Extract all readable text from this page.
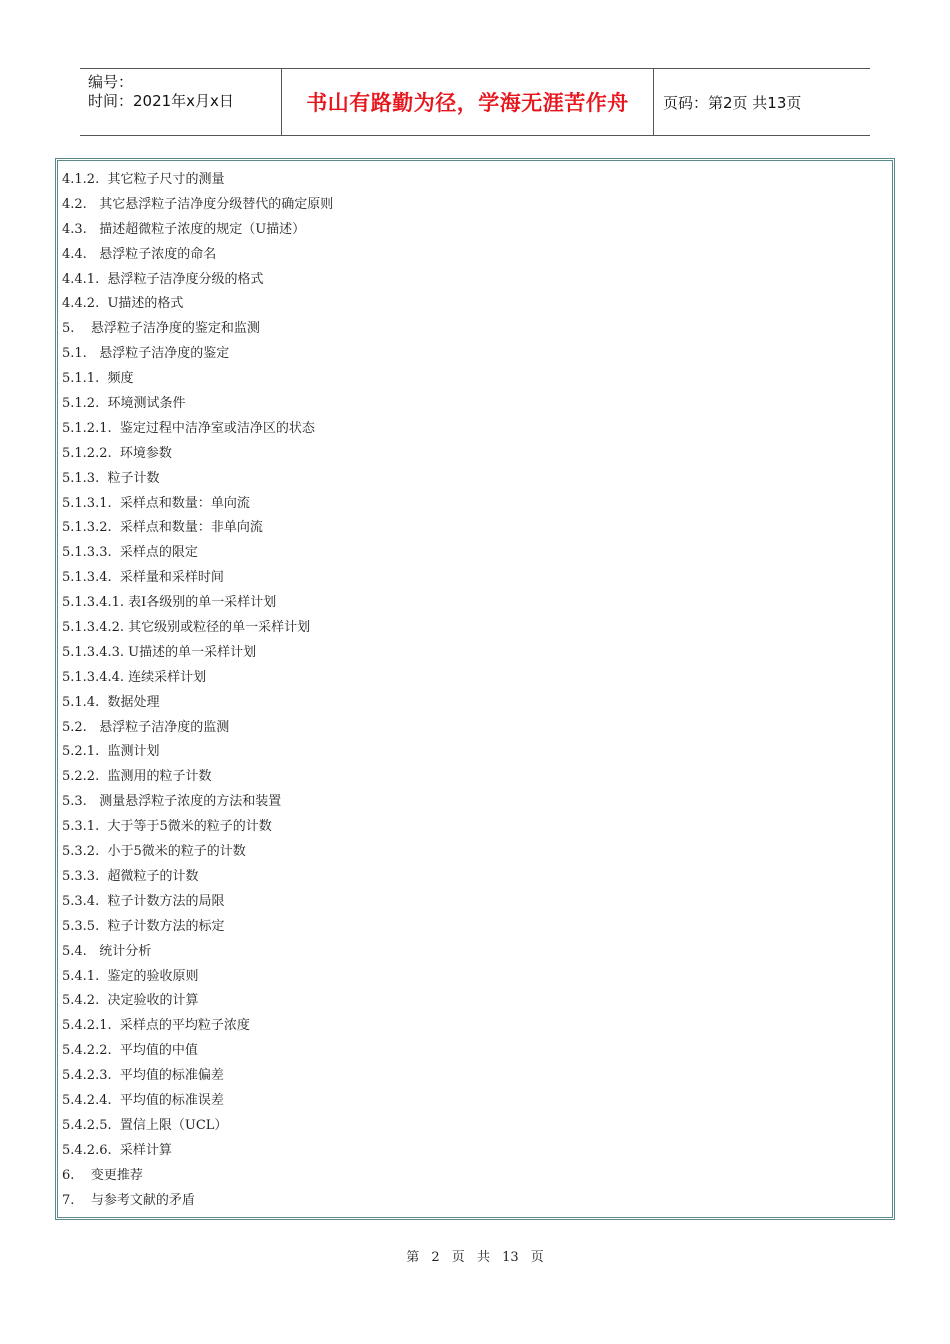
编号：
时间：2021年x月x日	书山有路勤为径，学海无涯苦作舟	页码：第2页 共13页
4.1.2.  其它粒子尺寸的测量
4.2.   其它悬浮粒子洁净度分级替代的确定原则
4.3.   描述超微粒子浓度的规定（U描述）
4.4.   悬浮粒子浓度的命名
4.4.1.  悬浮粒子洁净度分级的格式
4.4.2.  U描述的格式
5.    悬浮粒子洁净度的鉴定和监测
5.1.   悬浮粒子洁净度的鉴定
5.1.1.  频度
5.1.2.  环境测试条件
5.1.2.1.  鉴定过程中洁净室或洁净区的状态
5.1.2.2.  环境参数
5.1.3.  粒子计数
5.1.3.1.  采样点和数量：单向流
5.1.3.2.  采样点和数量：非单向流
5.1.3.3.  采样点的限定
5.1.3.4.  采样量和采样时间
5.1.3.4.1. 表I各级别的单一采样计划
5.1.3.4.2. 其它级别或粒径的单一采样计划
5.1.3.4.3. U描述的单一采样计划
5.1.3.4.4. 连续采样计划
5.1.4.  数据处理
5.2.   悬浮粒子洁净度的监测
5.2.1.  监测计划
5.2.2.  监测用的粒子计数
5.3.   测量悬浮粒子浓度的方法和装置
5.3.1.  大于等于5微米的粒子的计数
5.3.2.  小于5微米的粒子的计数
5.3.3.  超微粒子的计数
5.3.4.  粒子计数方法的局限
5.3.5.  粒子计数方法的标定
5.4.   统计分析
5.4.1.  鉴定的验收原则
5.4.2.  决定验收的计算
5.4.2.1.  采样点的平均粒子浓度
5.4.2.2.  平均值的中值
5.4.2.3.  平均值的标准偏差
5.4.2.4.  平均值的标准误差
5.4.2.5.  置信上限（UCL）
5.4.2.6.  采样计算
6.    变更推荐
7.    与参考文献的矛盾
第 2 页 共 13 页
